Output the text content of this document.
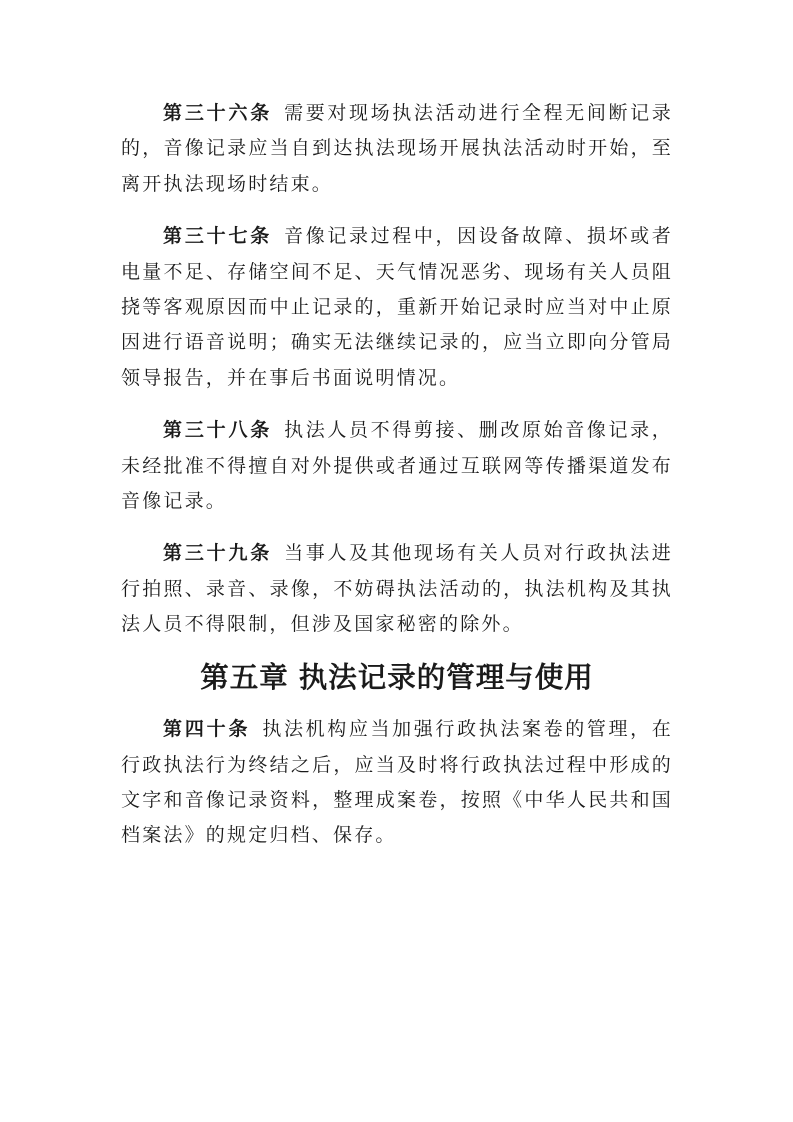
第三十六条 需要对现场执法活动进行全程无间断记录的，音像记录应当自到达执法现场开展执法活动时开始，至离开执法现场时结束。

第三十七条 音像记录过程中，因设备故障、损坏或者电量不足、存储空间不足、天气情况恶劣、现场有关人员阻挠等客观原因而中止记录的，重新开始记录时应当对中止原因进行语音说明；确实无法继续记录的，应当立即向分管局领导报告，并在事后书面说明情况。

第三十八条 执法人员不得剪接、删改原始音像记录，未经批准不得擅自对外提供或者通过互联网等传播渠道发布音像记录。

第三十九条 当事人及其他现场有关人员对行政执法进行拍照、录音、录像，不妨碍执法活动的，执法机构及其执法人员不得限制，但涉及国家秘密的除外。

第五章 执法记录的管理与使用

第四十条 执法机构应当加强行政执法案卷的管理，在行政执法行为终结之后，应当及时将行政执法过程中形成的文字和音像记录资料，整理成案卷，按照《中华人民共和国档案法》的规定归档、保存。
